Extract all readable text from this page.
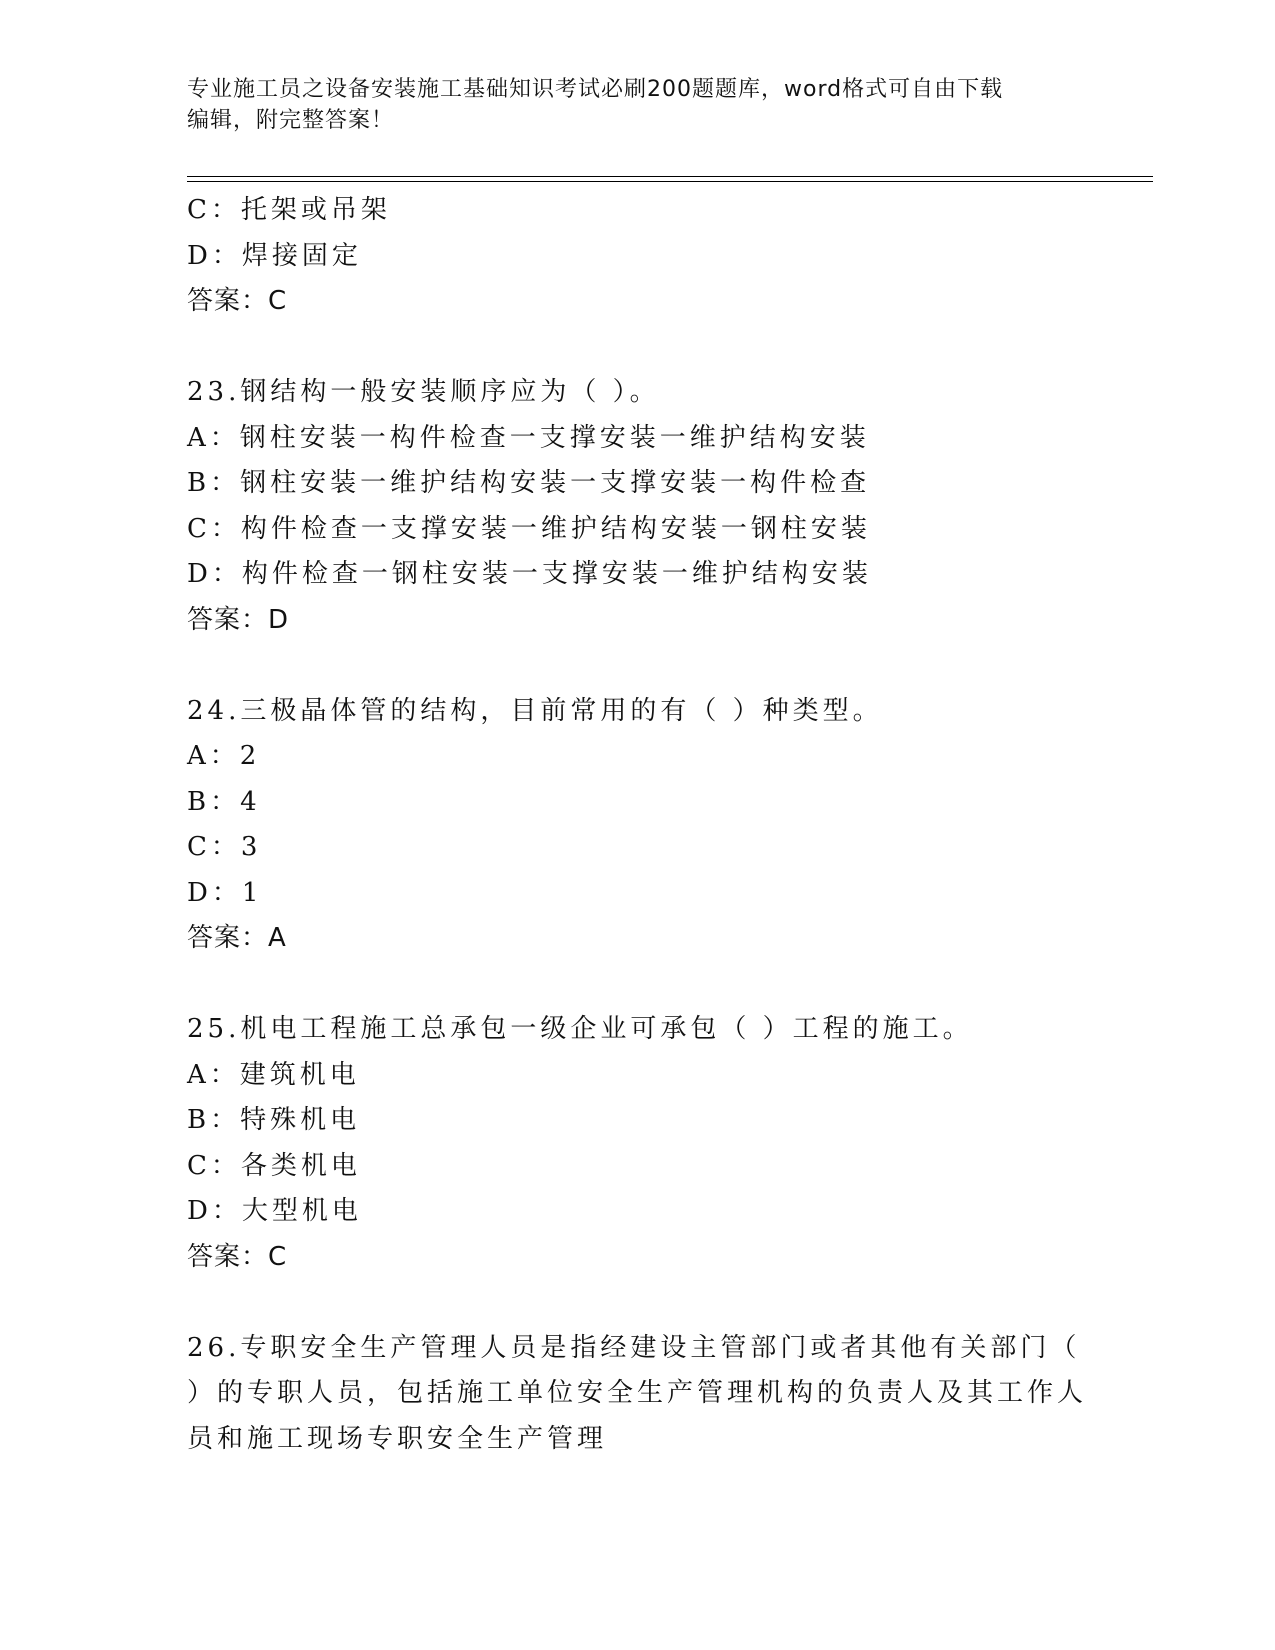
专业施工员之设备安装施工基础知识考试必刷200题题库，word格式可自由下载
编辑，附完整答案！
C：托架或吊架
D：焊接固定
答案：C
23.钢结构一般安装顺序应为（ ）。
A：钢柱安装一构件检查一支撑安装一维护结构安装
B：钢柱安装一维护结构安装一支撑安装一构件检查
C：构件检查一支撑安装一维护结构安装一钢柱安装
D：构件检查一钢柱安装一支撑安装一维护结构安装
答案：D
24.三极晶体管的结构，目前常用的有（ ）种类型。
A：2
B：4
C：3
D：1
答案：A
25.机电工程施工总承包一级企业可承包（ ）工程的施工。
A：建筑机电
B：特殊机电
C：各类机电
D：大型机电
答案：C
26.专职安全生产管理人员是指经建设主管部门或者其他有关部门（
）的专职人员，包括施工单位安全生产管理机构的负责人及其工作人
员和施工现场专职安全生产管理
